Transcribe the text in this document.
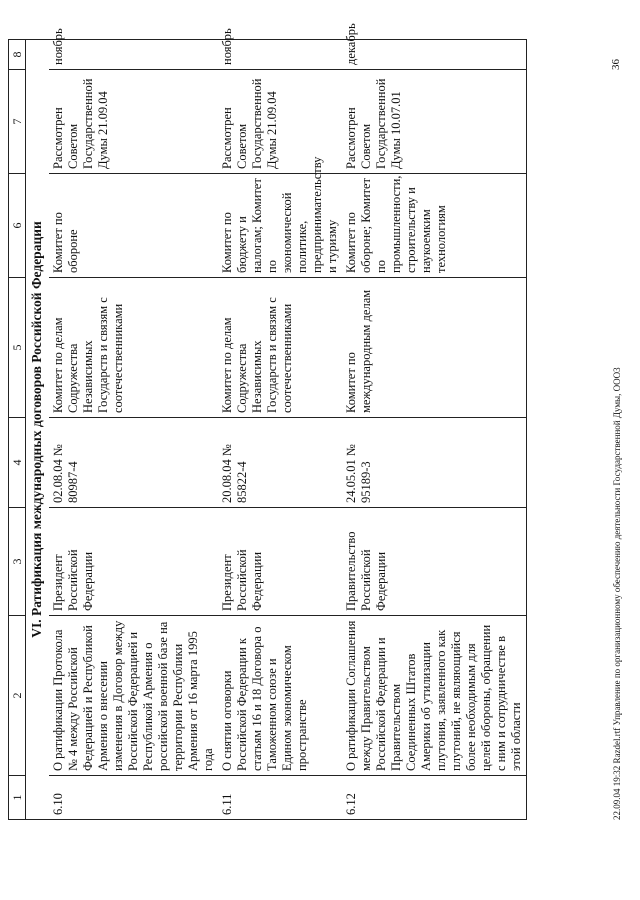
1	2	3	4	5	6	7	8
VI. Ратификация международных договоров Российской Федерации							
6.10	О ратификации Протокола № 4 между Российской Федерацией и Республикой Армения о внесении изменения в Договор между Российской Федерацией и Республикой Армения о российской военной базе на территории Республики Армения от 16 марта 1995 года	Президент Российской Федерации	02.08.04 № 80987-4	Комитет по делам Содружества Независимых Государств и связям с соотечественниками	Комитет по обороне	Рассмотрен Советом Государственной Думы 21.09.04	ноябрь
6.11	О снятии оговорки Российской Федерации к статьям 16 и 18 Договора о Таможенном союзе и Едином экономическом пространстве	Президент Российской Федерации	20.08.04 № 85822-4	Комитет по делам Содружества Независимых Государств и связям с соотечественниками	Комитет по бюджету и налогам; Комитет по экономической политике, предпринимательству и туризму	Рассмотрен Советом Государственной Думы 21.09.04	ноябрь
6.12	О ратификации Соглашения между Правительством Российской Федерации и Правительством Соединенных Штатов Америки об утилизации плутония, заявленного как плутоний, не являющийся более необходимым для целей обороны, обращении с ним и сотрудничестве в этой области	Правительство Российской Федерации	24.05.01 № 95189-3	Комитет по международным делам	Комитет по обороне; Комитет по промышленности, строительству и наукоемким технологиям	Рассмотрен Советом Государственной Думы 10.07.01	декабрь
22.09.04 19:32 Razdel.rtf Управление по организационному обеспечению деятельности Государственной Думы, ООО3
36
